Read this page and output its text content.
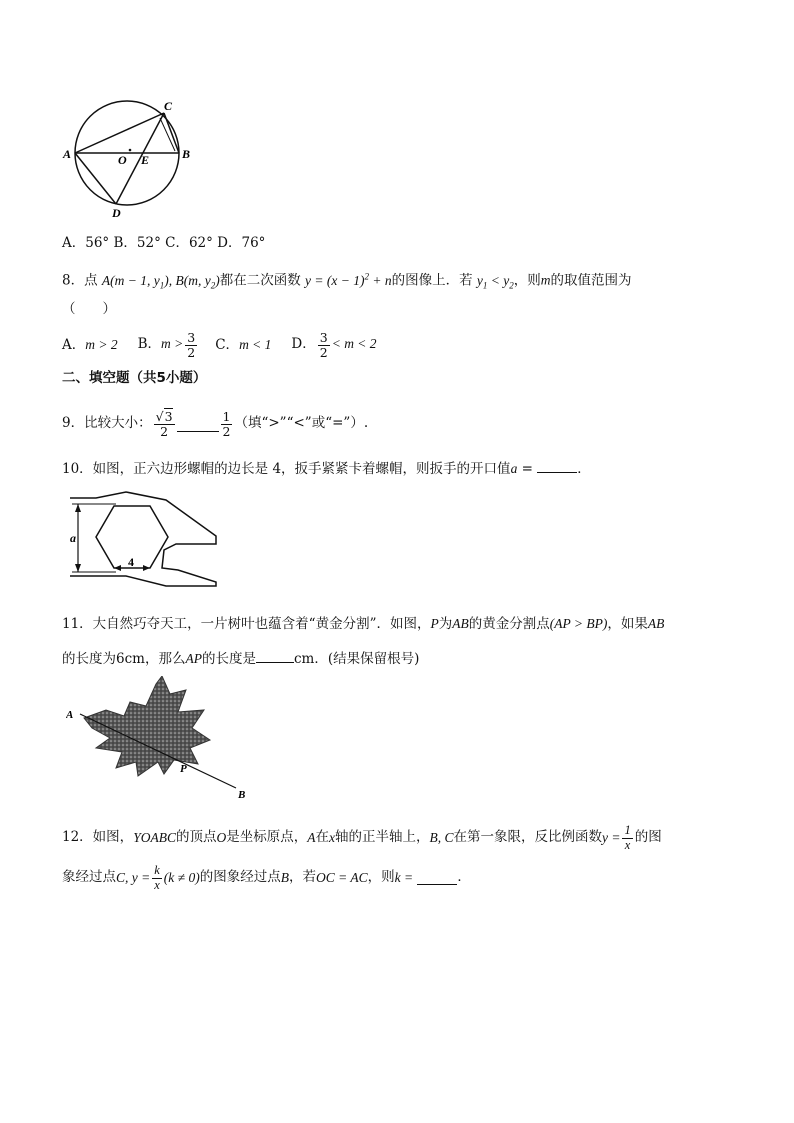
A	B
C
D
O E
A．56° B．52° C．62° D．76°
8．点 A(m − 1, $y_1$), B(m, $y_2$)都在二次函数 $y = (x - 1)^2 + n$的图像上．若 $y_1 < y_2$，则m的取值范围为
（　　）
A．m > 2 B．$m > \frac{3}{2}$ C．m < 1 D． $\frac{3}{2} < m < 2$
二、填空题（共5小题）
9．比较大小： $\frac{√3}{2}$	$\frac{1}{2}$ （填“>”“<”或“=”）.
10．如图，正六边形螺帽的边长是 4，扳手紧紧卡着螺帽，则扳手的开口值a =	．
a
4
11．大自然巧夺天工，一片树叶也蕴含着“黄金分割”．如图，P为AB的黄金分割点(AP > BP)，如果AB
的长度为6cm，那么AP的长度是	cm．(结果保留根号)
A
P
B
12．如图， YOABC 的顶点 O 是坐标原点， A 在 x 轴的正半轴上， B, C 在第一象限，反比例函数 $y = \frac{1}{x}$ 的图
象经过点 C, $y = \frac{k}{x} (k \ne 0)$ 的图象经过点 B ，若 OC = AC ，则 k =
	．
